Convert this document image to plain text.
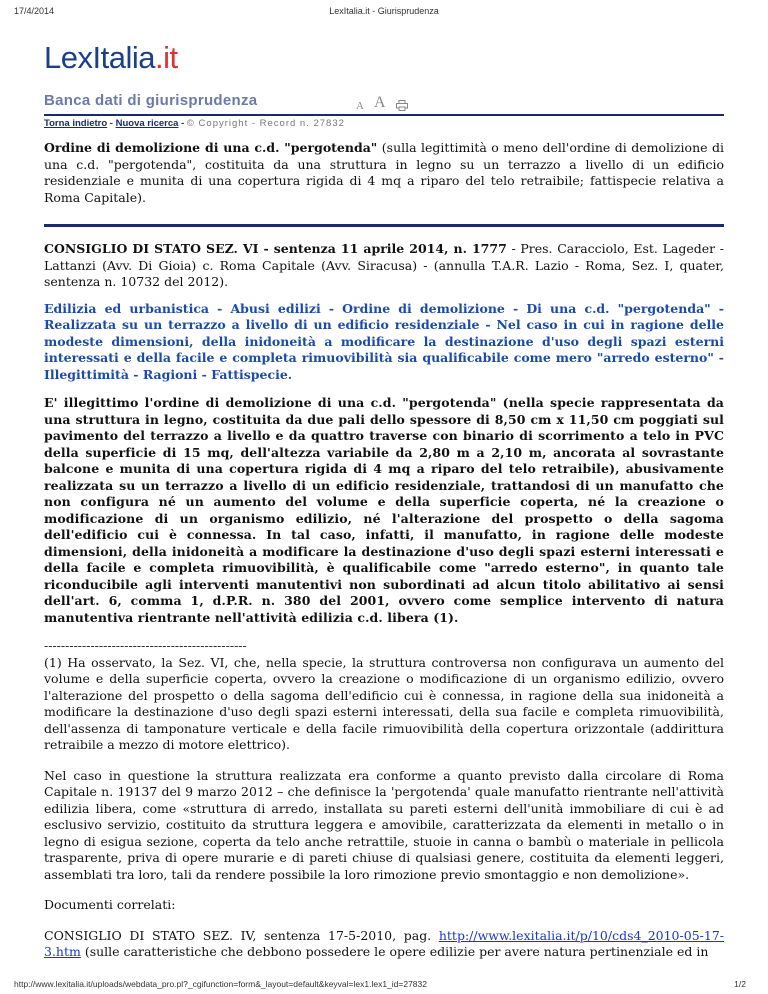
17/4/2014	LexItalia.it - Giurisprudenza
LexItalia.it
Banca dati di giurisprudenza	A A
Torna indietro - Nuova ricerca - © Copyright - Record n. 27832

Ordine di demolizione di una c.d. "pergotenda" (sulla legittimità o meno dell'ordine di demolizione di una c.d. "pergotenda", costituita da una struttura in legno su un terrazzo a livello di un edificio residenziale e munita di una copertura rigida di 4 mq a riparo del telo retraibile; fattispecie relativa a Roma Capitale).

CONSIGLIO DI STATO SEZ. VI - sentenza 11 aprile 2014, n. 1777 - Pres. Caracciolo, Est. Lageder - Lattanzi (Avv. Di Gioia) c. Roma Capitale (Avv. Siracusa) - (annulla T.A.R. Lazio - Roma, Sez. I, quater, sentenza n. 10732 del 2012).

Edilizia ed urbanistica - Abusi edilizi - Ordine di demolizione - Di una c.d. "pergotenda" - Realizzata su un terrazzo a livello di un edificio residenziale - Nel caso in cui in ragione delle modeste dimensioni, della inidoneità a modificare la destinazione d'uso degli spazi esterni interessati e della facile e completa rimuovibilità sia qualificabile come mero "arredo esterno" - Illegittimità - Ragioni - Fattispecie.

E' illegittimo l'ordine di demolizione di una c.d. "pergotenda" (nella specie rappresentata da una struttura in legno, costituita da due pali dello spessore di 8,50 cm x 11,50 cm poggiati sul pavimento del terrazzo a livello e da quattro traverse con binario di scorrimento a telo in PVC della superficie di 15 mq, dell'altezza variabile da 2,80 m a 2,10 m, ancorata al sovrastante balcone e munita di una copertura rigida di 4 mq a riparo del telo retraibile), abusivamente realizzata su un terrazzo a livello di un edificio residenziale, trattandosi di un manufatto che non configura né un aumento del volume e della superficie coperta, né la creazione o modificazione di un organismo edilizio, né l'alterazione del prospetto o della sagoma dell'edificio cui è connessa. In tal caso, infatti, il manufatto, in ragione delle modeste dimensioni, della inidoneità a modificare la destinazione d'uso degli spazi esterni interessati e della facile e completa rimuovibilità, è qualificabile come "arredo esterno", in quanto tale riconducibile agli interventi manutentivi non subordinati ad alcun titolo abilitativo ai sensi dell'art. 6, comma 1, d.P.R. n. 380 del 2001, ovvero come semplice intervento di natura manutentiva rientrante nell'attività edilizia c.d. libera (1).

------------------------------------------------

(1) Ha osservato, la Sez. VI, che, nella specie, la struttura controversa non configurava un aumento del volume e della superficie coperta, ovvero la creazione o modificazione di un organismo edilizio, ovvero l'alterazione del prospetto o della sagoma dell'edificio cui è connessa, in ragione della sua inidoneità a modificare la destinazione d'uso degli spazi esterni interessati, della sua facile e completa rimuovibilità, dell'assenza di tamponature verticale e della facile rimuovibilità della copertura orizzontale (addirittura retraibile a mezzo di motore elettrico).

Nel caso in questione la struttura realizzata era conforme a quanto previsto dalla circolare di Roma Capitale n. 19137 del 9 marzo 2012 – che definisce la 'pergotenda' quale manufatto rientrante nell'attività edilizia libera, come «struttura di arredo, installata su pareti esterni dell'unità immobiliare di cui è ad esclusivo servizio, costituito da struttura leggera e amovibile, caratterizzata da elementi in metallo o in legno di esigua sezione, coperta da telo anche retrattile, stuoie in canna o bambù o materiale in pellicola trasparente, priva di opere murarie e di pareti chiuse di qualsiasi genere, costituita da elementi leggeri, assemblati tra loro, tali da rendere possibile la loro rimozione previo smontaggio e non demolizione».

Documenti correlati:

CONSIGLIO DI STATO SEZ. IV, sentenza 17-5-2010, pag. http://www.lexitalia.it/p/10/cds4_2010-05-17-3.htm (sulle caratteristiche che debbono possedere le opere edilizie per avere natura pertinenziale ed in

http://www.lexitalia.it/uploads/webdata_pro.pl?_cgifunction=form&_layout=default&keyval=lex1.lex1_id=27832	1/2
